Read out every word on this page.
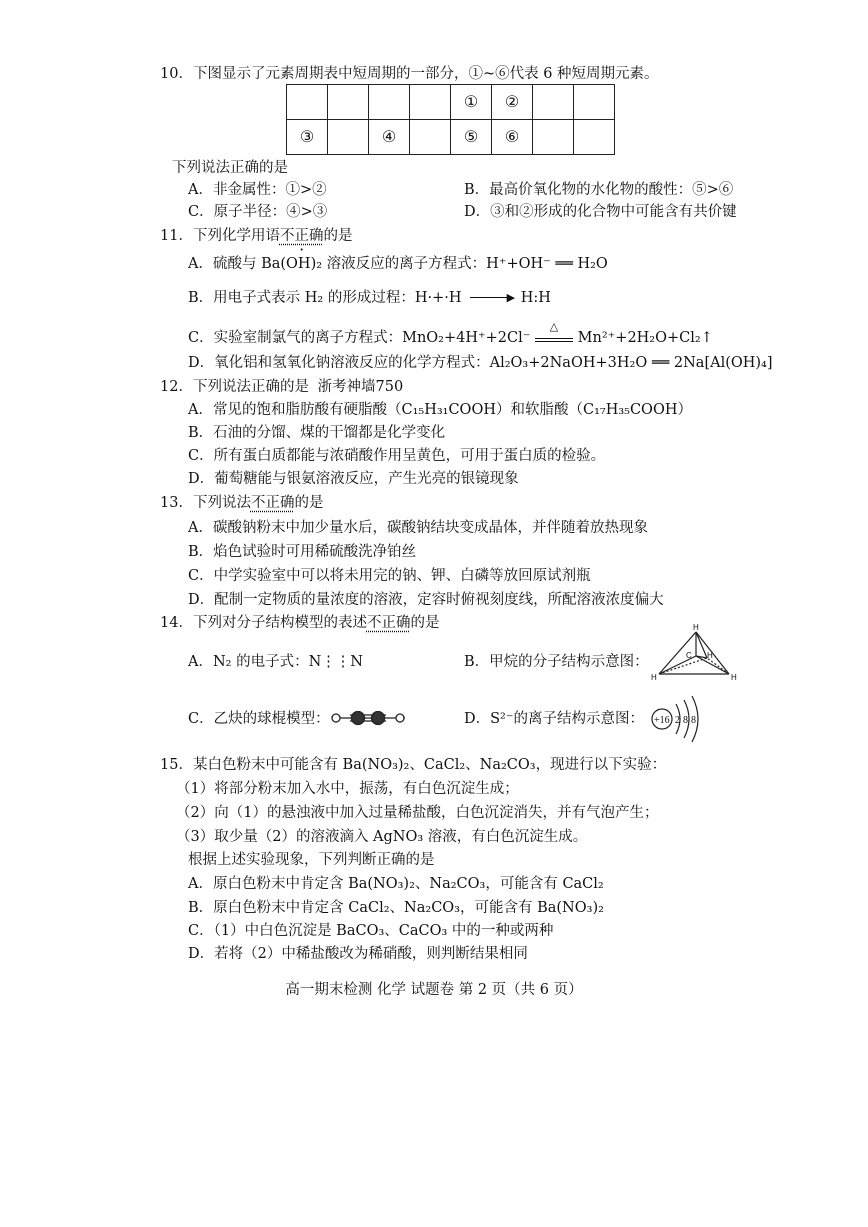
10．下图显示了元素周期表中短周期的一部分，①~⑥代表 6 种短周期元素。
				①	②		
③		④		⑤	⑥		
下列说法正确的是
A．非金属性：①>②	B．最高价氧化物的水化物的酸性：⑤>⑥
C．原子半径：④>③	D．③和②形成的化合物中可能含有共价键
11．下列化学用语不正确的是
A．硫酸与 Ba(OH)₂ 溶液反应的离子方程式：H⁺+OH⁻ ══ H₂O
B．用电子式表示 H₂ 的形成过程：H·+·H	▶ H:H
C．实验室制氯气的离子方程式：MnO₂+4H⁺+2Cl⁻
△
Mn²⁺+2H₂O+Cl₂↑
D．氧化铝和氢氧化钠溶液反应的化学方程式：Al₂O₃+2NaOH+3H₂O ══ 2Na[Al(OH)₄]
12．下列说法正确的是 浙考神墙750
A．常见的饱和脂肪酸有硬脂酸（C₁₅H₃₁COOH）和软脂酸（C₁₇H₃₅COOH）
B．石油的分馏、煤的干馏都是化学变化
C．所有蛋白质都能与浓硝酸作用呈黄色，可用于蛋白质的检验。
D．葡萄糖能与银氨溶液反应，产生光亮的银镜现象
13．下列说法不正确的是
A．碳酸钠粉末中加少量水后，碳酸钠结块变成晶体，并伴随着放热现象
B．焰色试验时可用稀硫酸洗净铂丝
C．中学实验室中可以将未用完的钠、钾、白磷等放回原试剂瓶
D．配制一定物质的量浓度的溶液，定容时俯视刻度线，所配溶液浓度偏大
14．下列对分子结构模型的表述不正确的是
A．N₂ 的电子式：N⋮⋮N	B．甲烷的分子结构示意图：
H
C
H	H
H
C．乙炔的球棍模型：	D．S²⁻的离子结构示意图： +16 2 8 8
15．某白色粉末中可能含有 Ba(NO₃)₂、CaCl₂、Na₂CO₃，现进行以下实验：
（1）将部分粉末加入水中，振荡，有白色沉淀生成；
（2）向（1）的悬浊液中加入过量稀盐酸，白色沉淀消失，并有气泡产生；
（3）取少量（2）的溶液滴入 AgNO₃ 溶液，有白色沉淀生成。
根据上述实验现象，下列判断正确的是
A．原白色粉末中肯定含 Ba(NO₃)₂、Na₂CO₃，可能含有 CaCl₂
B．原白色粉末中肯定含 CaCl₂、Na₂CO₃，可能含有 Ba(NO₃)₂
C．（1）中白色沉淀是 BaCO₃、CaCO₃ 中的一种或两种
D．若将（2）中稀盐酸改为稀硝酸，则判断结果相同
高一期末检测 化学 试题卷 第 2 页（共 6 页）
